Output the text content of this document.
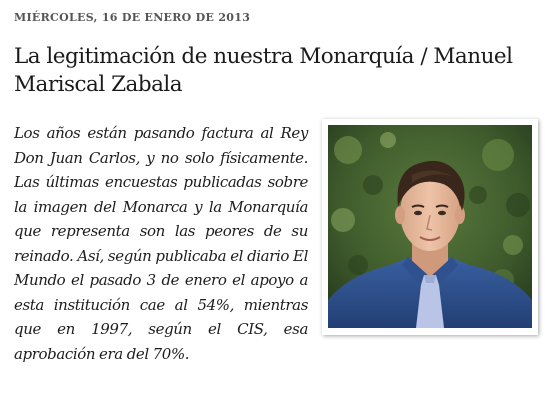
MIÉRCOLES, 16 DE ENERO DE 2013
La legitimación de nuestra Monarquía / Manuel Mariscal Zabala
Los años están pasando factura al Rey Don Juan Carlos, y no solo físicamente. Las últimas encuestas publicadas sobre la imagen del Monarca y la Monarquía que representa son las peores de su reinado. Así, según publicaba el diario El Mundo el pasado 3 de enero el apoyo a esta institución cae al 54%, mientras que en 1997, según el CIS, esa aprobación era del 70%.
